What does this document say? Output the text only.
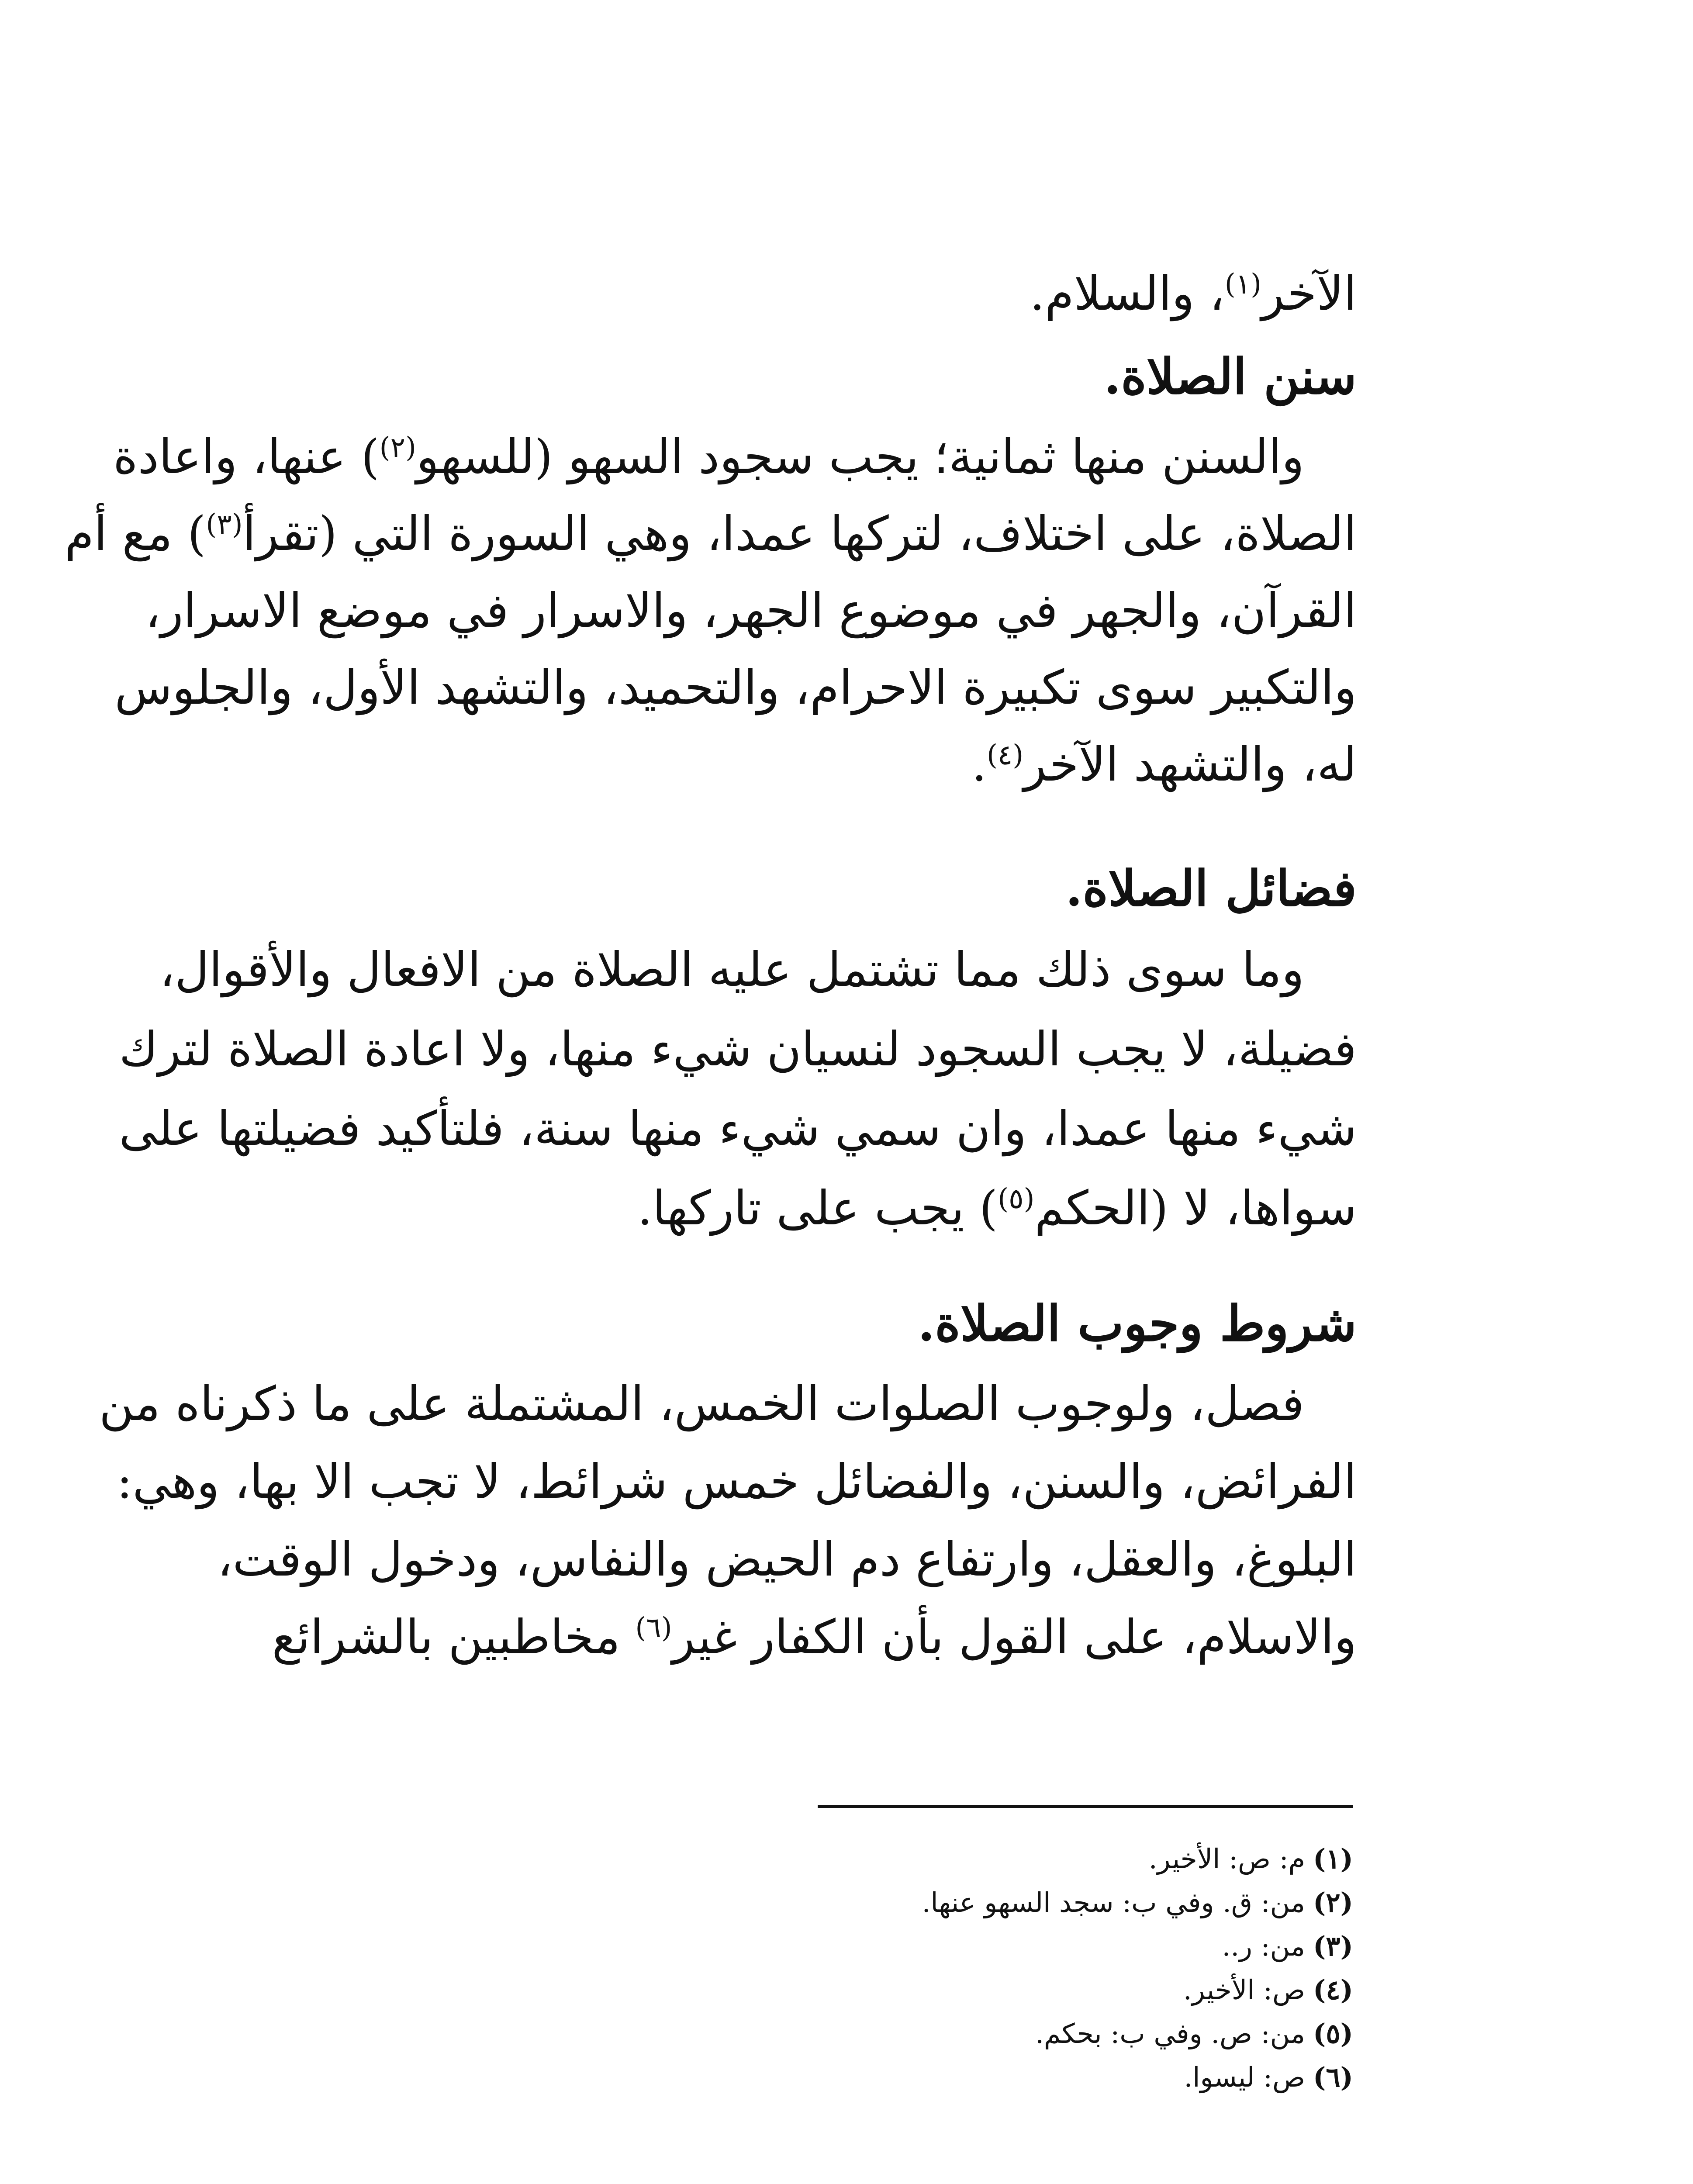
الآخر$^{(١)}$، والسلام.
سنن الصلاة.
والسنن منها ثمانية؛ يجب سجود السهو (للسهو$^{(٢)}$) عنها، واعادة
الصلاة، على اختلاف، لتركها عمدا، وهي السورة التي (تقرأ$^{(٣)}$) مع أم
القرآن، والجهر في موضوع الجهر، والاسرار في موضع الاسرار،
والتكبير سوى تكبيرة الاحرام، والتحميد، والتشهد الأول، والجلوس
له، والتشهد الآخر$^{(٤)}$.
فضائل الصلاة.
وما سوى ذلك مما تشتمل عليه الصلاة من الافعال والأقوال،
فضيلة، لا يجب السجود لنسيان شيء منها، ولا اعادة الصلاة لترك
شيء منها عمدا، وان سمي شيء منها سنة، فلتأكيد فضيلتها على
سواها، لا (الحكم$^{(٥)}$) يجب على تاركها.
شروط وجوب الصلاة.
فصل، ولوجوب الصلوات الخمس، المشتملة على ما ذكرناه من
الفرائض، والسنن، والفضائل خمس شرائط، لا تجب الا بها، وهي:
البلوغ، والعقل، وارتفاع دم الحيض والنفاس، ودخول الوقت،
والاسلام، على القول بأن الكفار غير$^{(٦)}$ مخاطبين بالشرائع
(١)م: ص: الأخير.
(٢)من: ق. وفي ب: سجد السهو عنها.
(٣)من: ر..
(٤)ص: الأخير.
(٥)من: ص. وفي ب: بحكم.
(٦)ص: ليسوا.
